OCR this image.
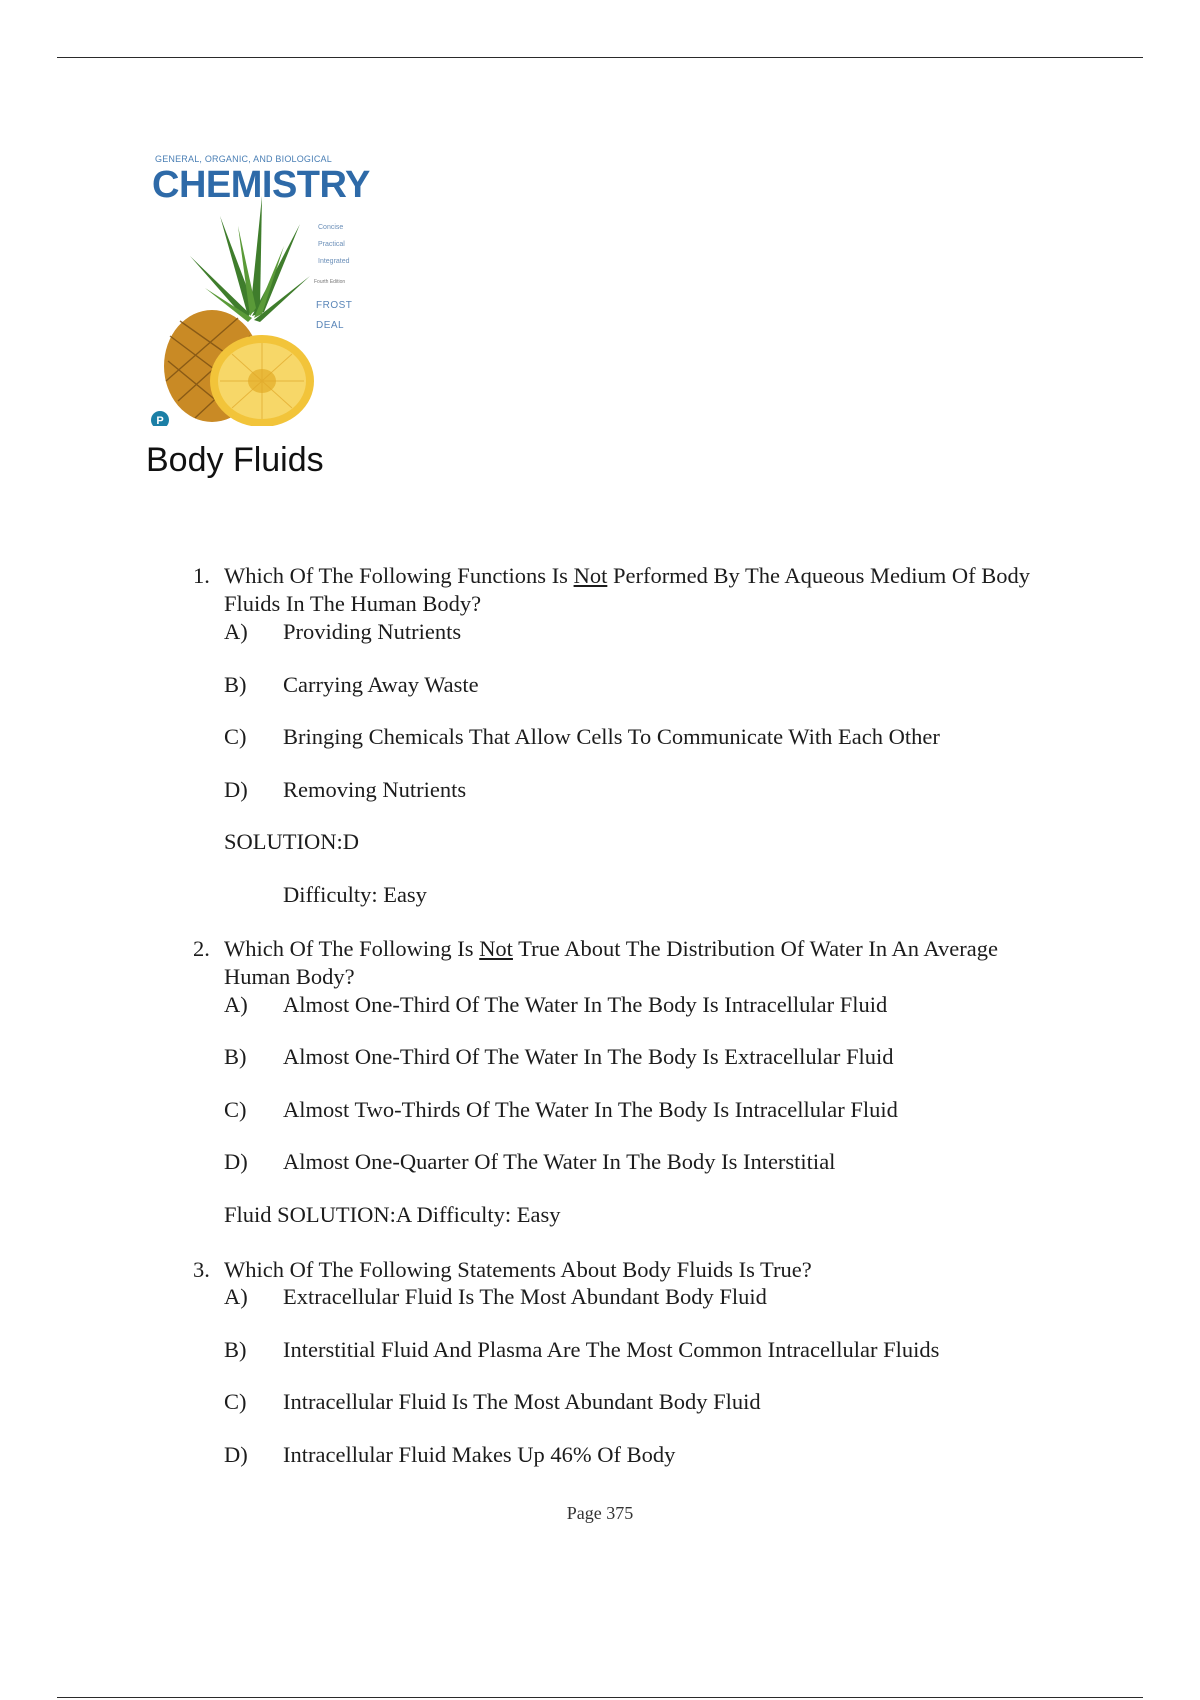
GENERAL, ORGANIC, AND BIOLOGICAL
CHEMISTRY
Concise
Practical
Integrated
Fourth Edition
FROST
DEAL
P
Body Fluids
1. Which Of The Following Functions Is Not Performed By The Aqueous Medium Of Body Fluids In The Human Body?
A) Providing Nutrients
B) Carrying Away Waste
C) Bringing Chemicals That Allow Cells To Communicate With Each Other
D) Removing Nutrients
SOLUTION:D
Difficulty: Easy
2. Which Of The Following Is Not True About The Distribution Of Water In An Average Human Body?
A) Almost One-Third Of The Water In The Body Is Intracellular Fluid
B) Almost One-Third Of The Water In The Body Is Extracellular Fluid
C) Almost Two-Thirds Of The Water In The Body Is Intracellular Fluid
D) Almost One-Quarter Of The Water In The Body Is Interstitial
Fluid SOLUTION:A Difficulty: Easy
3. Which Of The Following Statements About Body Fluids Is True?
A) Extracellular Fluid Is The Most Abundant Body Fluid
B) Interstitial Fluid And Plasma Are The Most Common Intracellular Fluids
C) Intracellular Fluid Is The Most Abundant Body Fluid
D) Intracellular Fluid Makes Up 46% Of Body
Page 375
